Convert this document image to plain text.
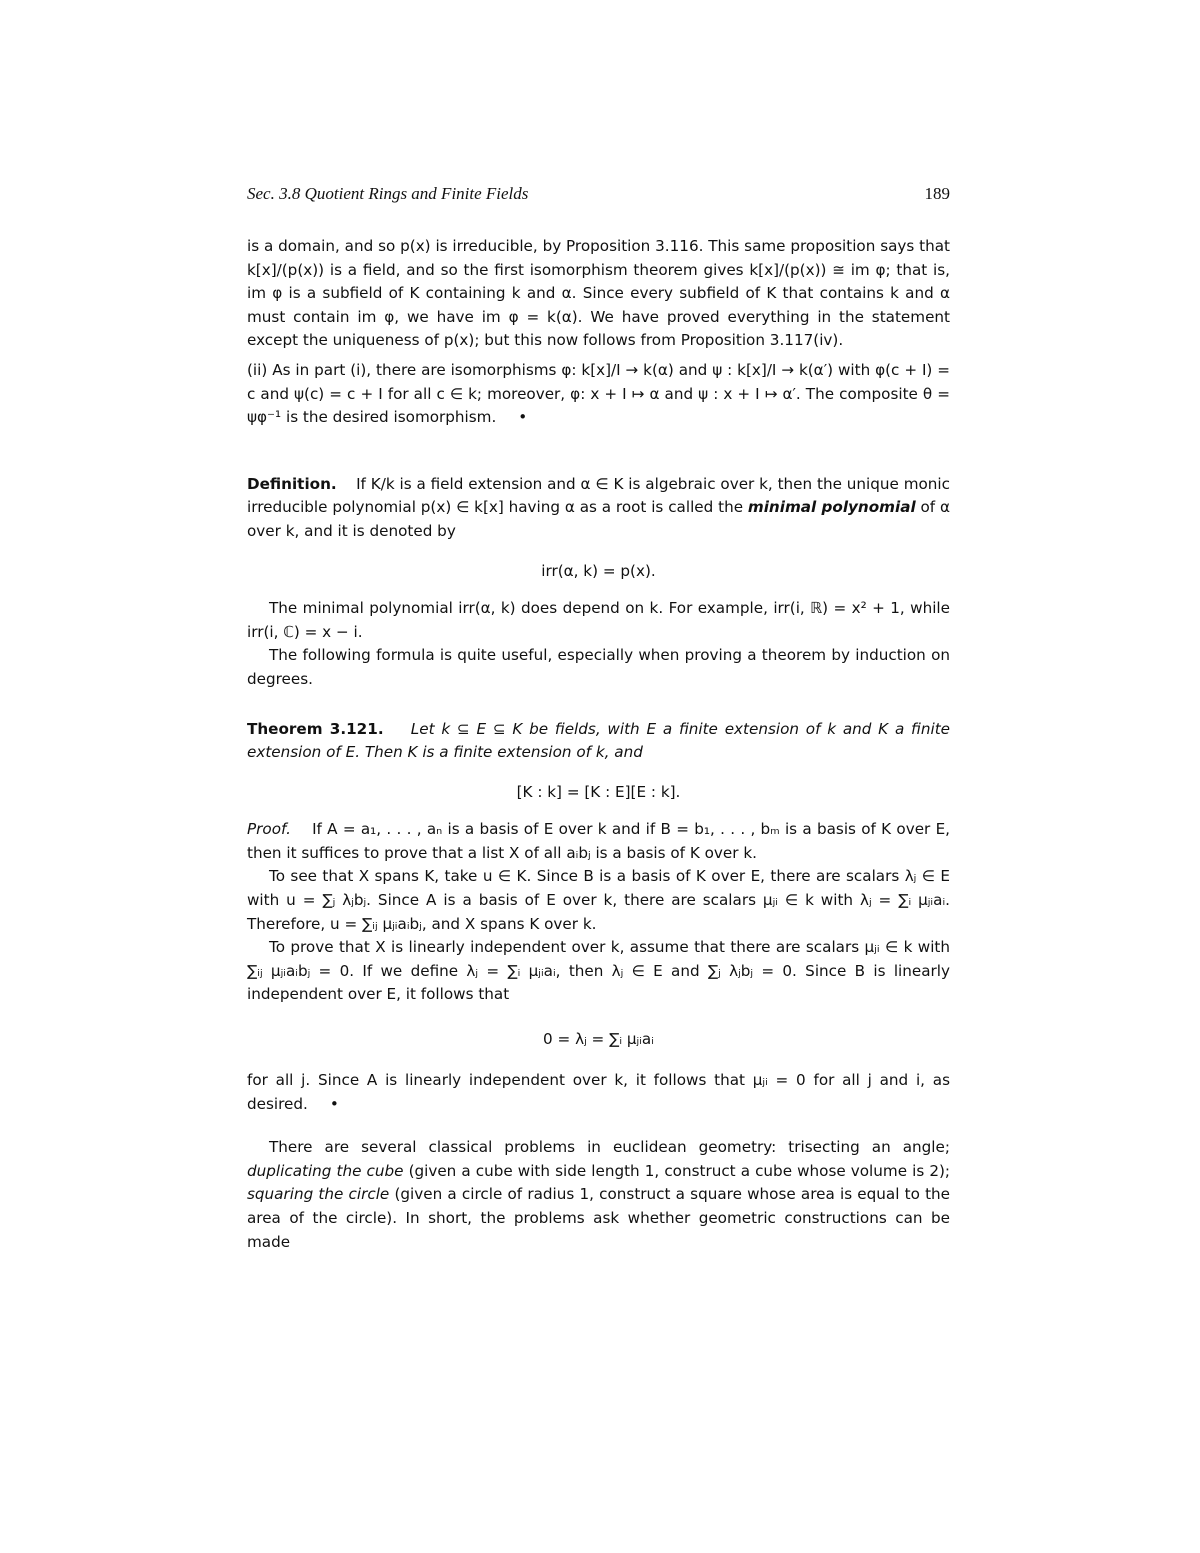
Sec. 3.8 Quotient Rings and Finite Fields	189

is a domain, and so p(x) is irreducible, by Proposition 3.116. This same proposition says that k[x]/(p(x)) is a field, and so the first isomorphism theorem gives k[x]/(p(x)) ≅ im φ; that is, im φ is a subfield of K containing k and α. Since every subfield of K that contains k and α must contain im φ, we have im φ = k(α). We have proved everything in the statement except the uniqueness of p(x); but this now follows from Proposition 3.117(iv).

(ii) As in part (i), there are isomorphisms φ: k[x]/I → k(α) and ψ : k[x]/I → k(α′) with φ(c + I) = c and ψ(c) = c + I for all c ∈ k; moreover, φ: x + I ↦ α and ψ : x + I ↦ α′. The composite θ = ψφ⁻¹ is the desired isomorphism. •

Definition. If K/k is a field extension and α ∈ K is algebraic over k, then the unique monic irreducible polynomial p(x) ∈ k[x] having α as a root is called the minimal polynomial of α over k, and it is denoted by

irr(α, k) = p(x).

The minimal polynomial irr(α, k) does depend on k. For example, irr(i, ℝ) = x² + 1, while irr(i, ℂ) = x − i.

The following formula is quite useful, especially when proving a theorem by induction on degrees.

Theorem 3.121. Let k ⊆ E ⊆ K be fields, with E a finite extension of k and K a finite extension of E. Then K is a finite extension of k, and

[K : k] = [K : E][E : k].

Proof. If A = a₁, . . . , aₙ is a basis of E over k and if B = b₁, . . . , bₘ is a basis of K over E, then it suffices to prove that a list X of all aᵢbⱼ is a basis of K over k.

To see that X spans K, take u ∈ K. Since B is a basis of K over E, there are scalars λⱼ ∈ E with u = ∑ⱼ λⱼbⱼ. Since A is a basis of E over k, there are scalars μⱼᵢ ∈ k with λⱼ = ∑ᵢ μⱼᵢaᵢ. Therefore, u = ∑ᵢⱼ μⱼᵢaᵢbⱼ, and X spans K over k.

To prove that X is linearly independent over k, assume that there are scalars μⱼᵢ ∈ k with ∑ᵢⱼ μⱼᵢaᵢbⱼ = 0. If we define λⱼ = ∑ᵢ μⱼᵢaᵢ, then λⱼ ∈ E and ∑ⱼ λⱼbⱼ = 0. Since B is linearly independent over E, it follows that

0 = λⱼ = ∑ᵢ μⱼᵢaᵢ

for all j. Since A is linearly independent over k, it follows that μⱼᵢ = 0 for all j and i, as desired. •

There are several classical problems in euclidean geometry: trisecting an angle; duplicating the cube (given a cube with side length 1, construct a cube whose volume is 2); squaring the circle (given a circle of radius 1, construct a square whose area is equal to the area of the circle). In short, the problems ask whether geometric constructions can be made
